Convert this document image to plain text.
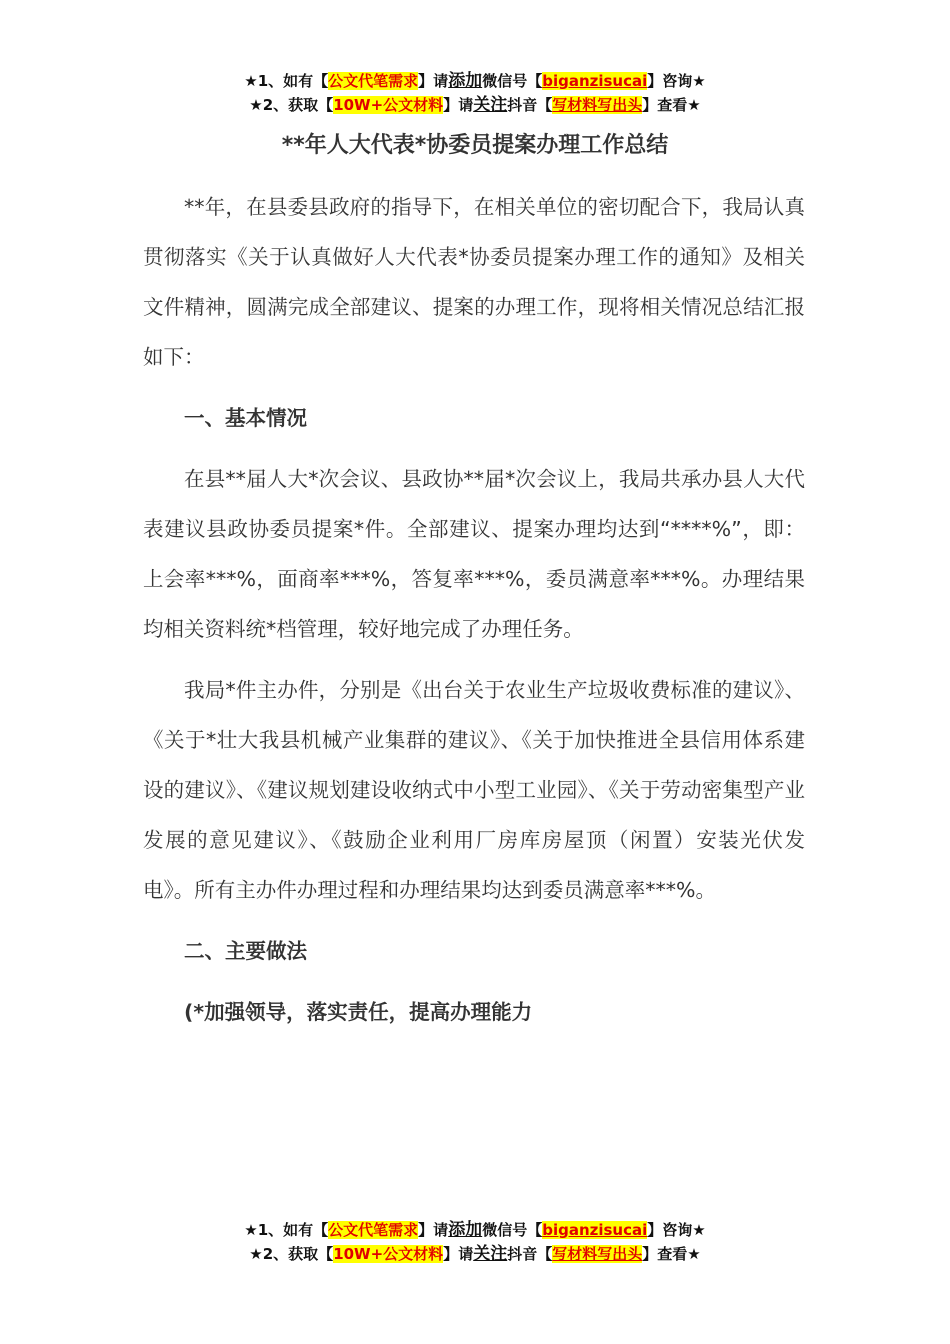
★1、如有【公文代笔需求】请添加微信号【biganzisucai】咨询★
★2、获取【10W+公文材料】请关注抖音【写材料写出头】查看★
**年人大代表*协委员提案办理工作总结

**年，在县委县政府的指导下，在相关单位的密切配合下，我局认真贯彻落实《关于认真做好人大代表*协委员提案办理工作的通知》及相关文件精神，圆满完成全部建议、提案的办理工作，现将相关情况总结汇报如下：

一、基本情况

在县**届人大*次会议、县政协**届*次会议上，我局共承办县人大代表建议县政协委员提案*件。全部建议、提案办理均达到“****%”，即：上会率***%，面商率***%，答复率***%，委员满意率***%。办理结果均相关资料统*档管理，较好地完成了办理任务。

我局*件主办件，分别是《出台关于农业生产垃圾收费标准的建议》、《关于*壮大我县机械产业集群的建议》、《关于加快推进全县信用体系建设的建议》、《建议规划建设收纳式中小型工业园》、《关于劳动密集型产业发展的意见建议》、《鼓励企业利用厂房库房屋顶（闲置）安装光伏发电》。所有主办件办理过程和办理结果均达到委员满意率***%。

二、主要做法
(*加强领导，落实责任，提高办理能力
★1、如有【公文代笔需求】请添加微信号【biganzisucai】咨询★
★2、获取【10W+公文材料】请关注抖音【写材料写出头】查看★
